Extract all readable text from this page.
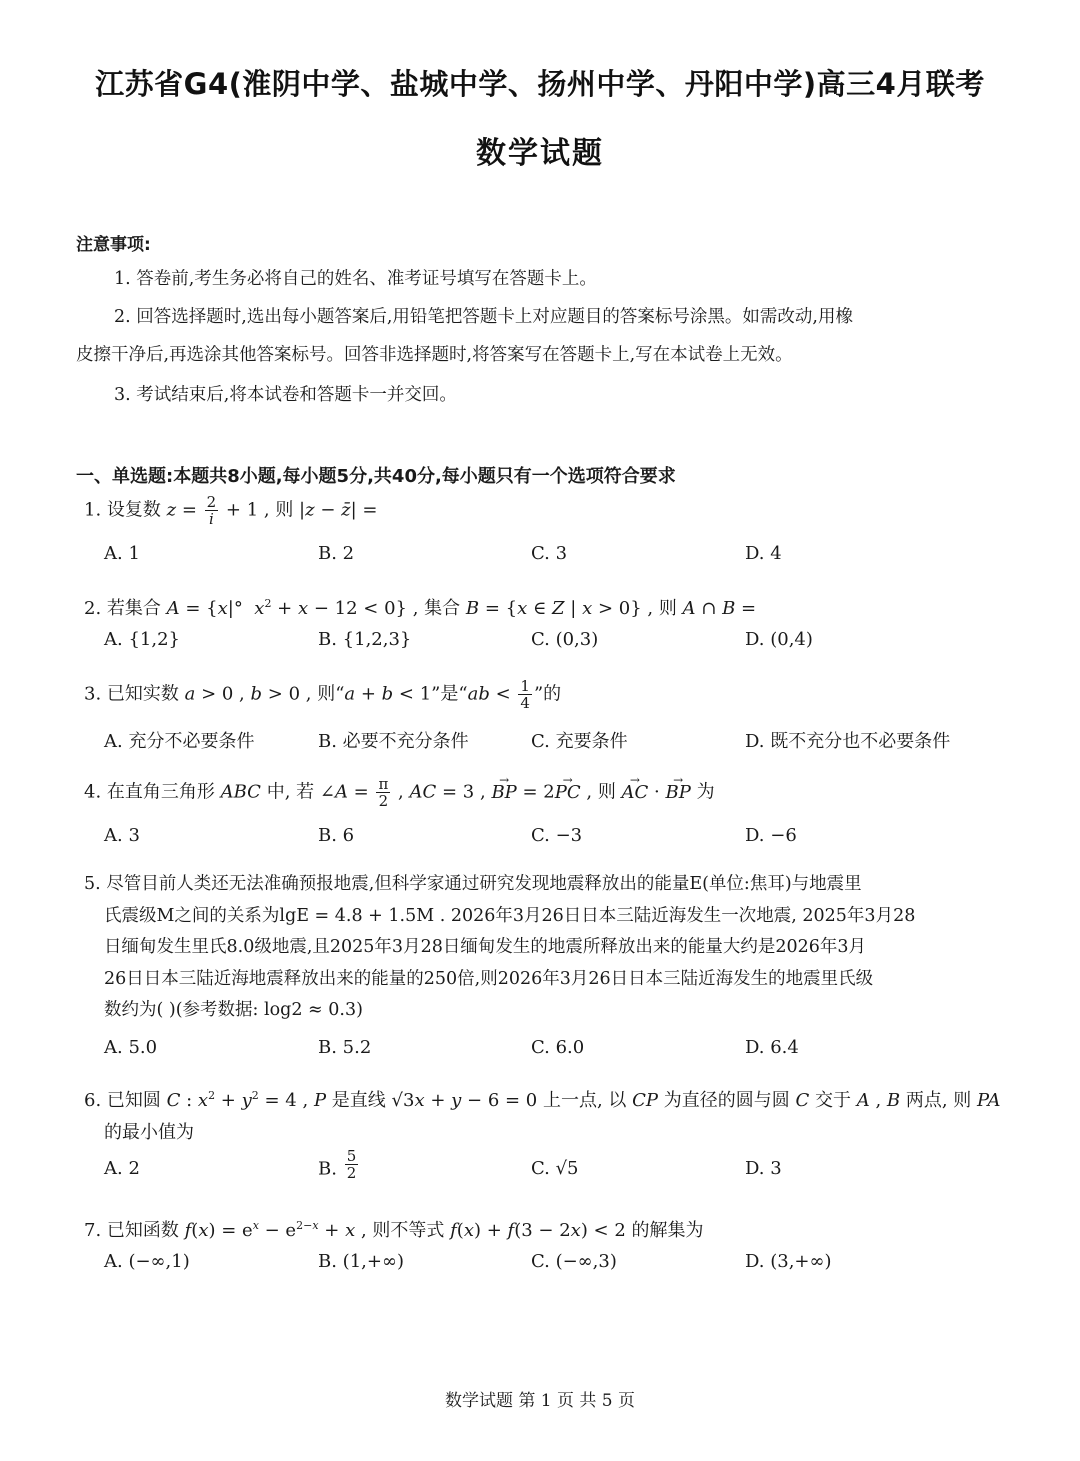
江苏省G4(淮阴中学、盐城中学、扬州中学、丹阳中学)高三4月联考
数学试题
注意事项:
1. 答卷前,考生务必将自己的姓名、准考证号填写在答题卡上。
2. 回答选择题时,选出每小题答案后,用铅笔把答题卡上对应题目的答案标号涂黑。如需改动,用橡
皮擦干净后,再选涂其他答案标号。回答非选择题时,将答案写在答题卡上,写在本试卷上无效。
3. 考试结束后,将本试卷和答题卡一并交回。
一、单选题:本题共8小题,每小题5分,共40分,每小题只有一个选项符合要求
1. 设复数 $z = \frac{2}{i} + 1$ , 则 |z − z̄| =
A. 1	B. 2	C. 3	D. 4
2. 若集合 A = {x|°  $x^2 + x - 12 < 0$} , 集合 B = {x ∈ Z | x > 0} , 则 A ∩ B =
A. {1,2}	B. {1,2,3}	C. (0,3)	D. (0,4)
3. 已知实数 a > 0 , b > 0 , 则“a + b < 1”是“ab < $\frac{1}{4}$ ”的
A. 充分不必要条件	B. 必要不充分条件	C. 充要条件	D. 既不充分也不必要条件
4. 在直角三角形 ABC 中, 若 ∠A = $\frac{\pi}{2}$ , AC = 3 , → BP = 2→ PC , 则 → AC · → BP 为
A. 3	B. 6	C. −3	D. −6
5. 尽管目前人类还无法准确预报地震,但科学家通过研究发现地震释放出的能量E(单位:焦耳)与地震里
氏震级M之间的关系为lgE = 4.8 + 1.5M . 2026年3月26日日本三陆近海发生一次地震, 2025年3月28
日缅甸发生里氏8.0级地震,且2025年3月28日缅甸发生的地震所释放出来的能量大约是2026年3月
26日日本三陆近海地震释放出来的能量的250倍,则2026年3月26日日本三陆近海发生的地震里氏级
数约为( )(参考数据: log2 ≈ 0.3)
A. 5.0	B. 5.2	C. 6.0	D. 6.4
6. 已知圆 C : $x^2 + y^2 = 4$ , P 是直线 √3x + y − 6 = 0 上一点, 以 CP 为直径的圆与圆 C 交于 A , B 两点, 则 PA
的最小值为
A. 2	B. $\frac{5}{2}$	C. √5	D. 3
7. 已知函数 $f(x) = e^x - e^{2-x} + x$ , 则不等式 f(x) + f(3 − 2x) < 2 的解集为
A. (−∞,1)	B. (1,+∞)	C. (−∞,3)	D. (3,+∞)
数学试题 第 1 页 共 5 页
